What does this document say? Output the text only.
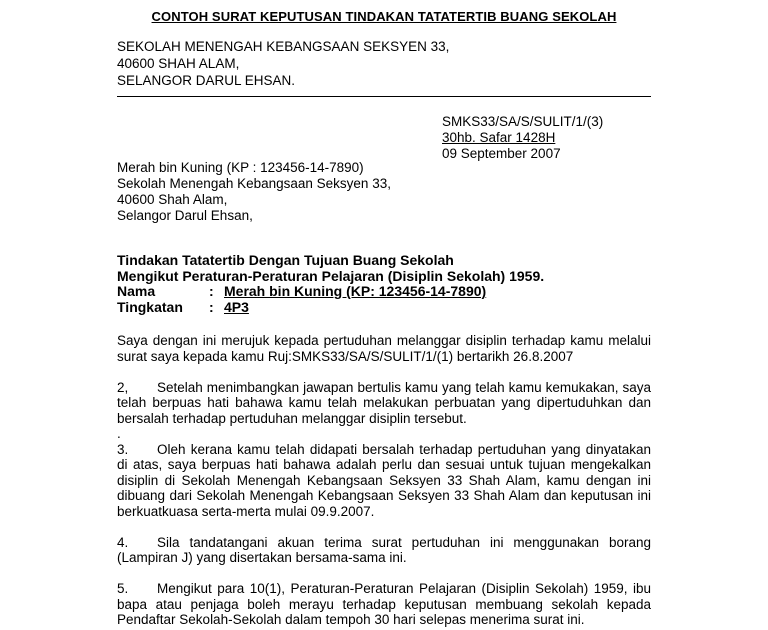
CONTOH SURAT KEPUTUSAN TINDAKAN TATATERTIB BUANG SEKOLAH
SEKOLAH MENENGAH KEBANGSAAN SEKSYEN 33,
40600 SHAH ALAM,
SELANGOR DARUL EHSAN.
SMKS33/SA/S/SULIT/1/(3)
30hb. Safar 1428H
09 September 2007
Merah bin Kuning (KP : 123456-14-7890)
Sekolah Menengah Kebangsaan Seksyen 33,
40600 Shah Alam,
Selangor Darul Ehsan,
Tindakan Tatatertib Dengan Tujuan Buang Sekolah
Mengikut Peraturan-Peraturan Pelajaran (Disiplin Sekolah) 1959.
Nama	: Merah bin Kuning (KP: 123456-14-7890)
Tingkatan	: 4P3

Saya dengan ini merujuk kepada pertuduhan melanggar disiplin terhadap kamu melalui surat saya kepada kamu Ruj:SMKS33/SA/S/SULIT/1/(1) bertarikh 26.8.2007

2, Setelah menimbangkan jawapan bertulis kamu yang telah kamu kemukakan, saya telah berpuas hati bahawa kamu telah melakukan perbuatan yang dipertuduhkan dan bersalah terhadap pertuduhan melanggar disiplin tersebut.

.

3. Oleh kerana kamu telah didapati bersalah terhadap pertuduhan yang dinyatakan di atas, saya berpuas hati bahawa adalah perlu dan sesuai untuk tujuan mengekalkan disiplin di Sekolah Menengah Kebangsaan Seksyen 33 Shah Alam, kamu dengan ini dibuang dari Sekolah Menengah Kebangsaan Seksyen 33 Shah Alam dan keputusan ini berkuatkuasa serta-merta mulai 09.9.2007.

4. Sila tandatangani akuan terima surat pertuduhan ini menggunakan borang (Lampiran J) yang disertakan bersama-sama ini.

5. Mengikut para 10(1), Peraturan-Peraturan Pelajaran (Disiplin Sekolah) 1959, ibu bapa atau penjaga boleh merayu terhadap keputusan membuang sekolah kepada Pendaftar Sekolah-Sekolah dalam tempoh 30 hari selepas menerima surat ini.
